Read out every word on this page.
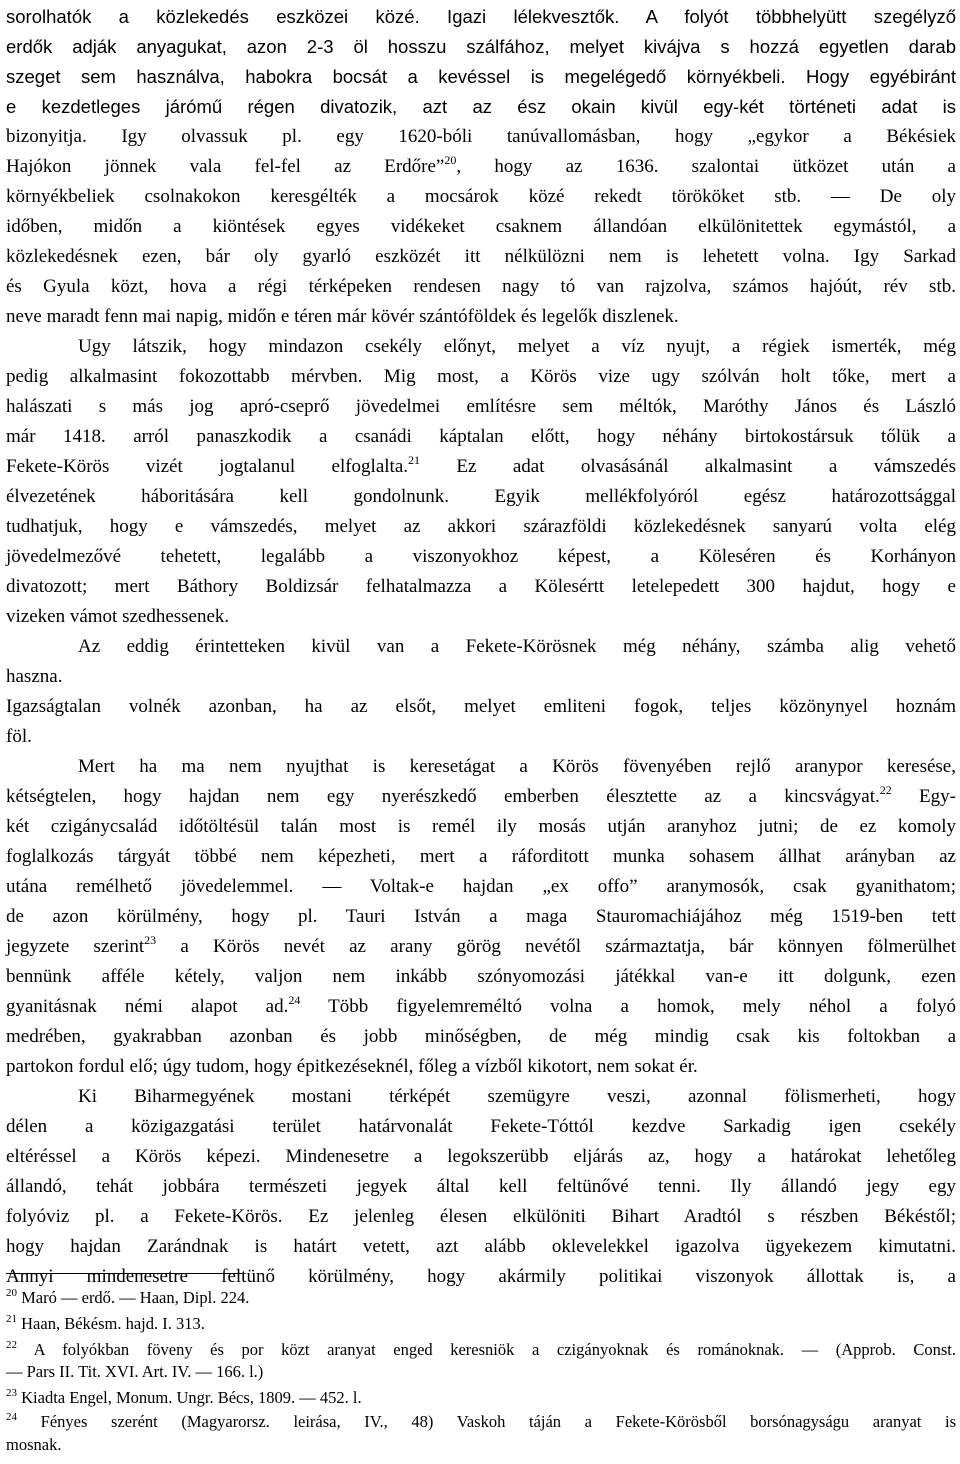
sorolhatók a közlekedés eszközei közé. Igazi lélekvesztők. A folyót többhelyütt szegélyző
erdők adják anyagukat, azon 2-3 öl hosszu szálfához, melyet kivájva s hozzá egyetlen darab
szeget sem használva, habokra bocsát a kevéssel is megelégedő környékbeli. Hogy egyébiránt
e kezdetleges járómű régen divatozik, azt az ész okain kivül egy-két történeti adat is
bizonyitja. Igy olvassuk pl. egy 1620-bóli tanúvallomásban, hogy „egykor a Békésiek
Hajókon jönnek vala fel-fel az Erdőre”$^{20}$, hogy az 1636. szalontai ütközet után a
környékbeliek csolnakokon keresgélték a mocsárok közé rekedt törököket stb. — De oly
időben, midőn a kiöntések egyes vidékeket csaknem állandóan elkülönitettek egymástól, a
közlekedésnek ezen, bár oly gyarló eszközét itt nélkülözni nem is lehetett volna. Igy Sarkad
és Gyula közt, hova a régi térképeken rendesen nagy tó van rajzolva, számos hajóút, rév stb.
neve maradt fenn mai napig, midőn e téren már kövér szántóföldek és legelők diszlenek.
Ugy látszik, hogy mindazon csekély előnyt, melyet a víz nyujt, a régiek ismerték, még
pedig alkalmasint fokozottabb mérvben. Mig most, a Körös vize ugy szólván holt tőke, mert a
halászati s más jog apró-cseprő jövedelmei említésre sem méltók, Maróthy János és László
már 1418. arról panaszkodik a csanádi káptalan előtt, hogy néhány birtokostársuk tőlük a
Fekete-Körös vizét jogtalanul elfoglalta.$^{21}$ Ez adat olvasásánál alkalmasint a vámszedés
élvezetének háboritására kell gondolnunk. Egyik mellékfolyóról egész határozottsággal
tudhatjuk, hogy e vámszedés, melyet az akkori szárazföldi közlekedésnek sanyarú volta elég
jövedelmezővé tehetett, legalább a viszonyokhoz képest, a Köleséren és Korhányon
divatozott; mert Báthory Boldizsár felhatalmazza a Kölesértt letelepedett 300 hajdut, hogy e
vizeken vámot szedhessenek.
Az eddig érintetteken kivül van a Fekete-Körösnek még néhány, számba alig vehető
haszna.
Igazságtalan volnék azonban, ha az elsőt, melyet emliteni fogok, teljes közönynyel hoznám
föl.
Mert ha ma nem nyujthat is keresetágat a Körös fövenyében rejlő aranypor keresése,
kétségtelen, hogy hajdan nem egy nyerészkedő emberben élesztette az a kincsvágyat.$^{22}$ Egy-
két czigánycsalád időtöltésül talán most is remél ily mosás utján aranyhoz jutni; de ez komoly
foglalkozás tárgyát többé nem képezheti, mert a ráforditott munka sohasem állhat arányban az
utána remélhető jövedelemmel. — Voltak-e hajdan „ex offo” aranymosók, csak gyanithatom;
de azon körülmény, hogy pl. Tauri István a maga Stauromachiájához még 1519-ben tett
jegyzete szerint$^{23}$ a Körös nevét az arany görög nevétől származtatja, bár könnyen fölmerülhet
bennünk afféle kétely, valjon nem inkább szónyomozási játékkal van-e itt dolgunk, ezen
gyanitásnak némi alapot ad.$^{24}$ Több figyelemreméltó volna a homok, mely néhol a folyó
medrében, gyakrabban azonban és jobb minőségben, de még mindig csak kis foltokban a
partokon fordul elő; úgy tudom, hogy épitkezéseknél, főleg a vízből kikotort, nem sokat ér.
Ki Biharmegyének mostani térképét szemügyre veszi, azonnal fölismerheti, hogy
délen a közigazgatási terület határvonalát Fekete-Tóttól kezdve Sarkadig igen csekély
eltéréssel a Körös képezi. Mindenesetre a legokszerübb eljárás az, hogy a határokat lehetőleg
állandó, tehát jobbára természeti jegyek által kell feltünővé tenni. Ily állandó jegy egy
folyóviz pl. a Fekete-Körös. Ez jelenleg élesen elkülöniti Bihart Aradtól s részben Békéstől;
hogy hajdan Zarándnak is határt vetett, azt alább oklevelekkel igazolva ügyekezem kimutatni.
Annyi mindenesetre feltünő körülmény, hogy akármily politikai viszonyok állottak is, a
$^{20}$ Maró — erdő. — Haan, Dipl. 224.
$^{21}$ Haan, Békésm. hajd. I. 313.
$^{22}$ A folyókban föveny és por közt aranyat enged keresniök a czigányoknak és románoknak. — (Approb. Const.
— Pars II. Tit. XVI. Art. IV. — 166. l.)
$^{23}$ Kiadta Engel, Monum. Ungr. Bécs, 1809. — 452. l.
$^{24}$ Fényes szerént (Magyarorsz. leirása, IV., 48) Vaskoh táján a Fekete-Körösből borsónagyságu aranyat is
mosnak.
